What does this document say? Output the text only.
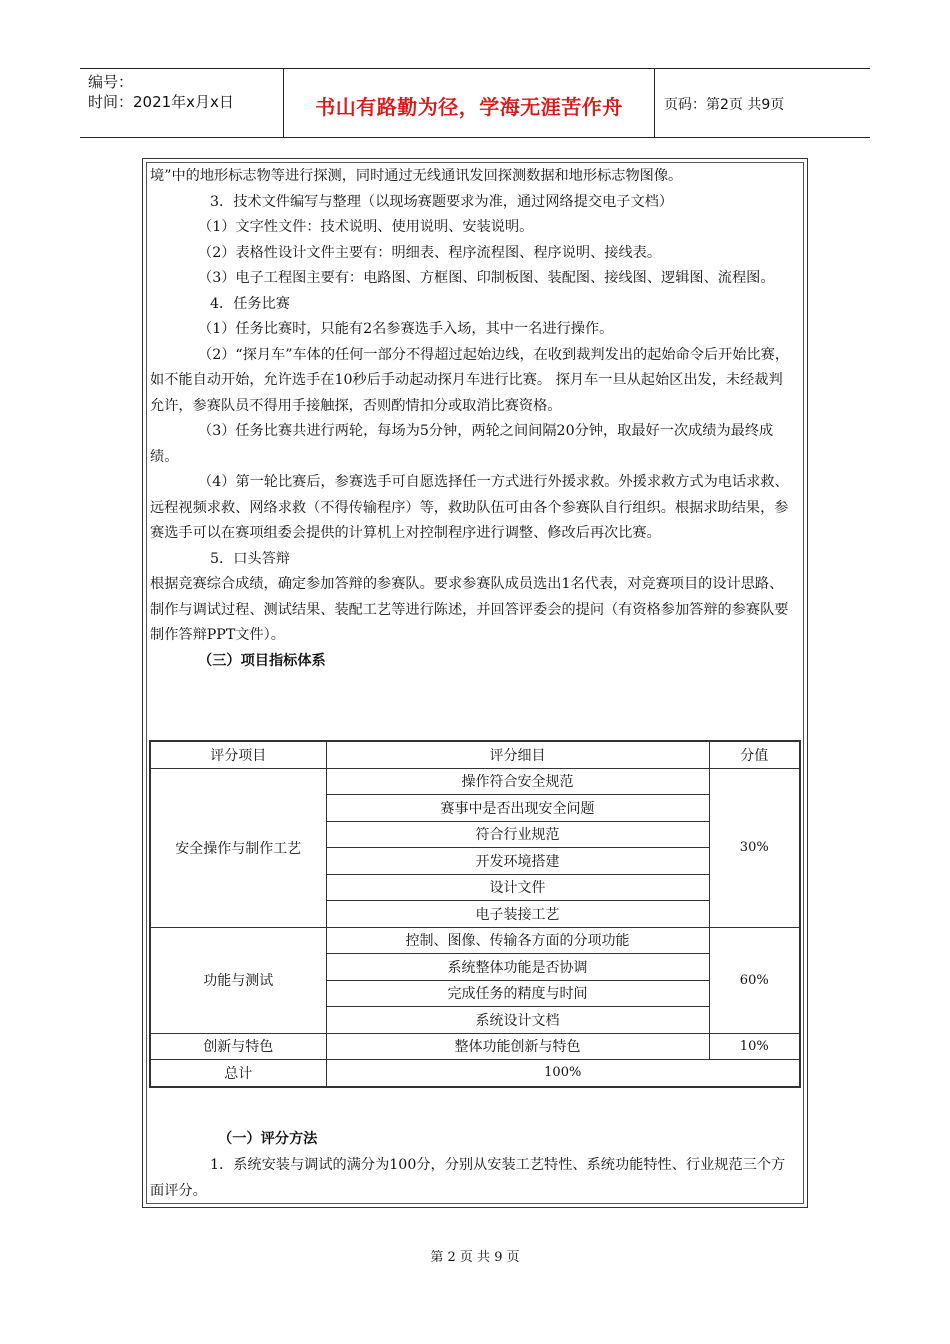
编号：
时间：2021年x月x日	书山有路勤为径，学海无涯苦作舟	页码：第2页 共9页

境”中的地形标志物等进行探测，同时通过无线通讯发回探测数据和地形标志物图像。

3．技术文件编写与整理（以现场赛题要求为准，通过网络提交电子文档）

（1）文字性文件：技术说明、使用说明、安装说明。

（2）表格性设计文件主要有：明细表、程序流程图、程序说明、接线表。

（3）电子工程图主要有：电路图、方框图、印制板图、装配图、接线图、逻辑图、流程图。

4．任务比赛

（1）任务比赛时，只能有2名参赛选手入场，其中一名进行操作。

（2）“探月车”车体的任何一部分不得超过起始边线，在收到裁判发出的起始命令后开始比赛，如不能自动开始，允许选手在10秒后手动起动探月车进行比赛。 探月车一旦从起始区出发，未经裁判允许，参赛队员不得用手接触探，否则酌情扣分或取消比赛资格。

（3）任务比赛共进行两轮，每场为5分钟，两轮之间间隔20分钟，取最好一次成绩为最终成绩。

（4）第一轮比赛后，参赛选手可自愿选择任一方式进行外援求救。外援求救方式为电话求救、远程视频求救、网络求救（不得传输程序）等，救助队伍可由各个参赛队自行组织。根据求助结果，参赛选手可以在赛项组委会提供的计算机上对控制程序进行调整、修改后再次比赛。

5．口头答辩

根据竞赛综合成绩，确定参加答辩的参赛队。要求参赛队成员选出1名代表，对竞赛项目的设计思路、制作与调试过程、测试结果、装配工艺等进行陈述，并回答评委会的提问（有资格参加答辩的参赛队要制作答辩PPT文件）。

（三）项目指标体系

评分项目	评分细目	分值
安全操作与制作工艺	操作符合安全规范	30%
	赛事中是否出现安全问题	
	符合行业规范	
	开发环境搭建	
	设计文件	
	电子装接工艺	
功能与测试	控制、图像、传输各方面的分项功能	60%
	系统整体功能是否协调	
	完成任务的精度与时间	
	系统设计文档	
创新与特色	整体功能创新与特色	10%
总计	100%	

（一）评分方法

1．系统安装与调试的满分为100分，分别从安装工艺特性、系统功能特性、行业规范三个方面评分。

第 2 页 共 9 页
